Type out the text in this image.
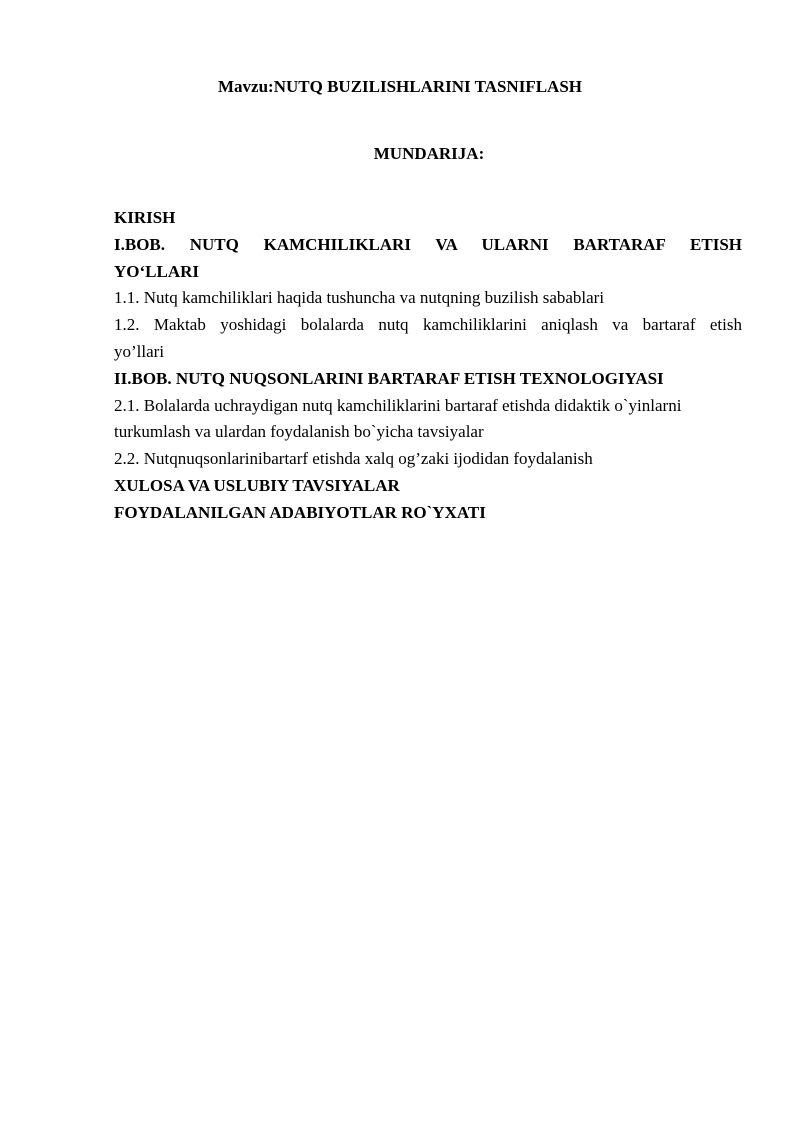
Mavzu:NUTQ BUZILISHLARINI TASNIFLASH
MUNDARIJA:

KIRISH

I.BOB. NUTQ KAMCHILIKLARI VA ULARNI BARTARAF ETISH

YO‘LLARI

1.1. Nutq kamchiliklari haqida tushuncha va nutqning buzilish sabablari

1.2. Maktab yoshidagi bolalarda nutq kamchiliklarini aniqlash va bartaraf etish

yo’llari

II.BOB. NUTQ NUQSONLARINI BARTARAF ETISH TEXNOLOGIYASI

2.1. Bolalarda uchraydigan nutq kamchiliklarini bartaraf etishda didaktik o`yinlarni

turkumlash va ulardan foydalanish bo`yicha tavsiyalar

2.2. Nutqnuqsonlarinibartarf etishda xalq og’zaki ijodidan foydalanish

XULOSA VA USLUBIY TAVSIYALAR

FOYDALANILGAN ADABIYOTLAR RO`YXATI
